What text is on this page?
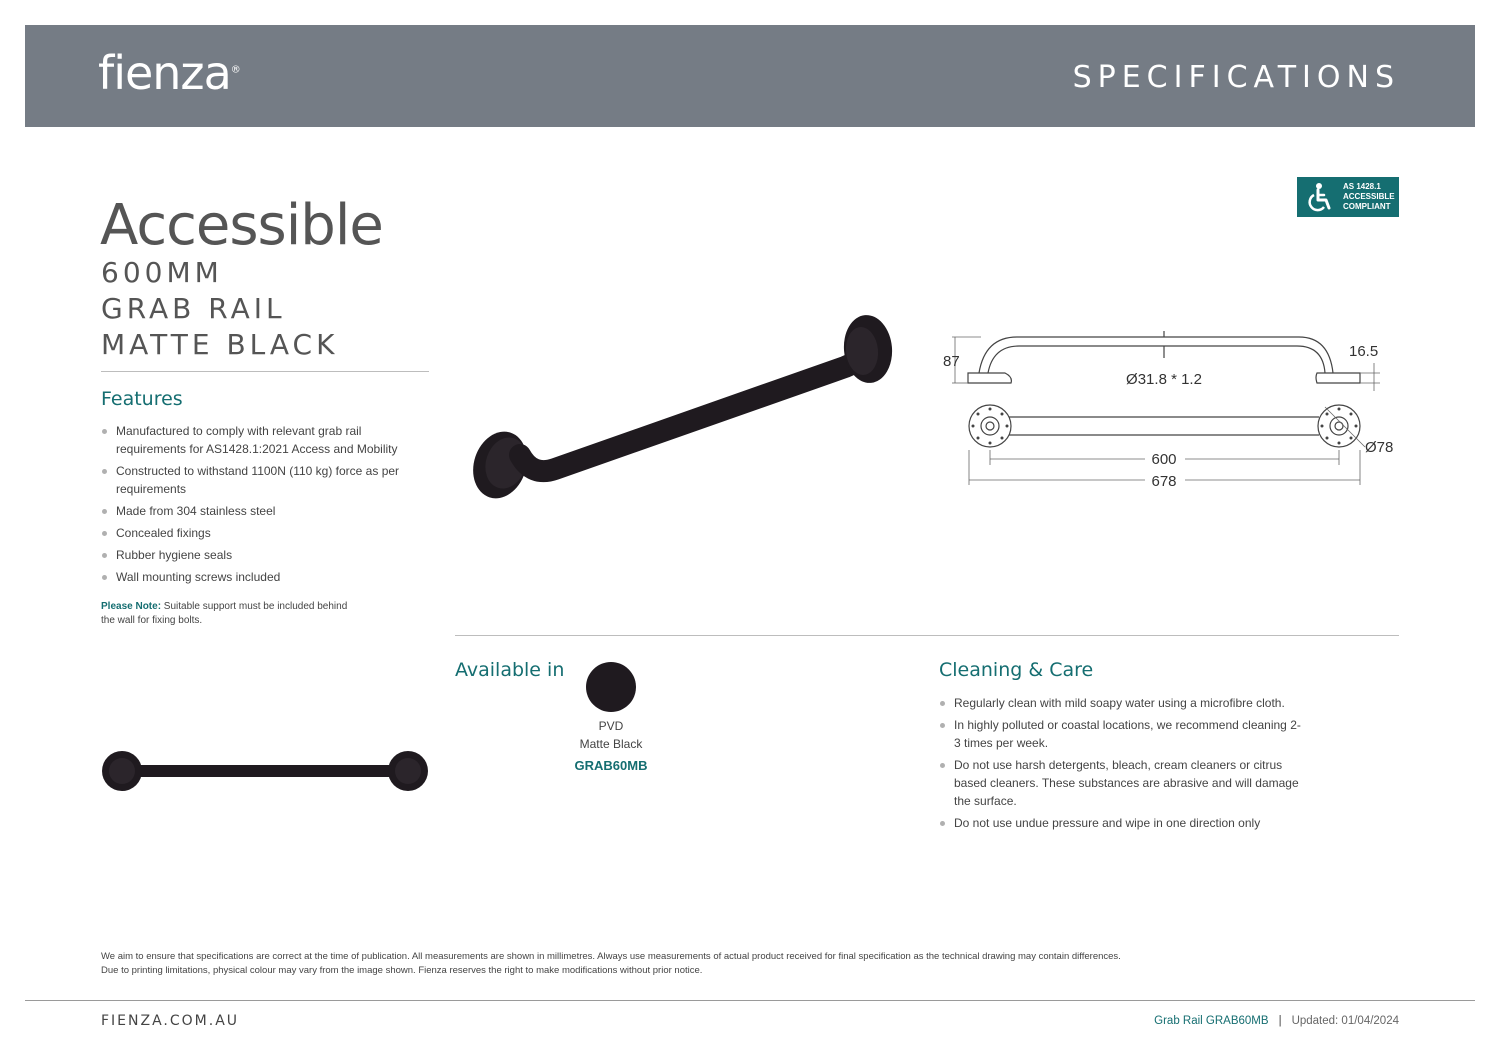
fienza®	SPECIFICATIONS
AS 1428.1
ACCESSIBLE
COMPLIANT
Accessible
600MM
GRAB RAIL
MATTE BLACK
Features
Manufactured to comply with relevant grab rail requirements for AS1428.1:2021 Access and Mobility
Constructed to withstand 1100N (110 kg) force as per requirements
Made from 304 stainless steel
Concealed fixings
Rubber hygiene seals
Wall mounting screws included
Please Note: Suitable support must be included behind the wall for fixing bolts.
87
Ø31.8 * 1.2
16.5
Ø78
600
678
Available in
PVD
Matte Black
GRAB60MB
Cleaning & Care
Regularly clean with mild soapy water using a microfibre cloth.
In highly polluted or coastal locations, we recommend cleaning 2-3 times per week.
Do not use harsh detergents, bleach, cream cleaners or citrus based cleaners. These substances are abrasive and will damage the surface.
Do not use undue pressure and wipe in one direction only
We aim to ensure that specifications are correct at the time of publication. All measurements are shown in millimetres. Always use measurements of actual product received for final specification as the technical drawing may contain differences.
Due to printing limitations, physical colour may vary from the image shown. Fienza reserves the right to make modifications without prior notice.
FIENZA.COM.AU	Grab Rail GRAB60MB | Updated: 01/04/2024
